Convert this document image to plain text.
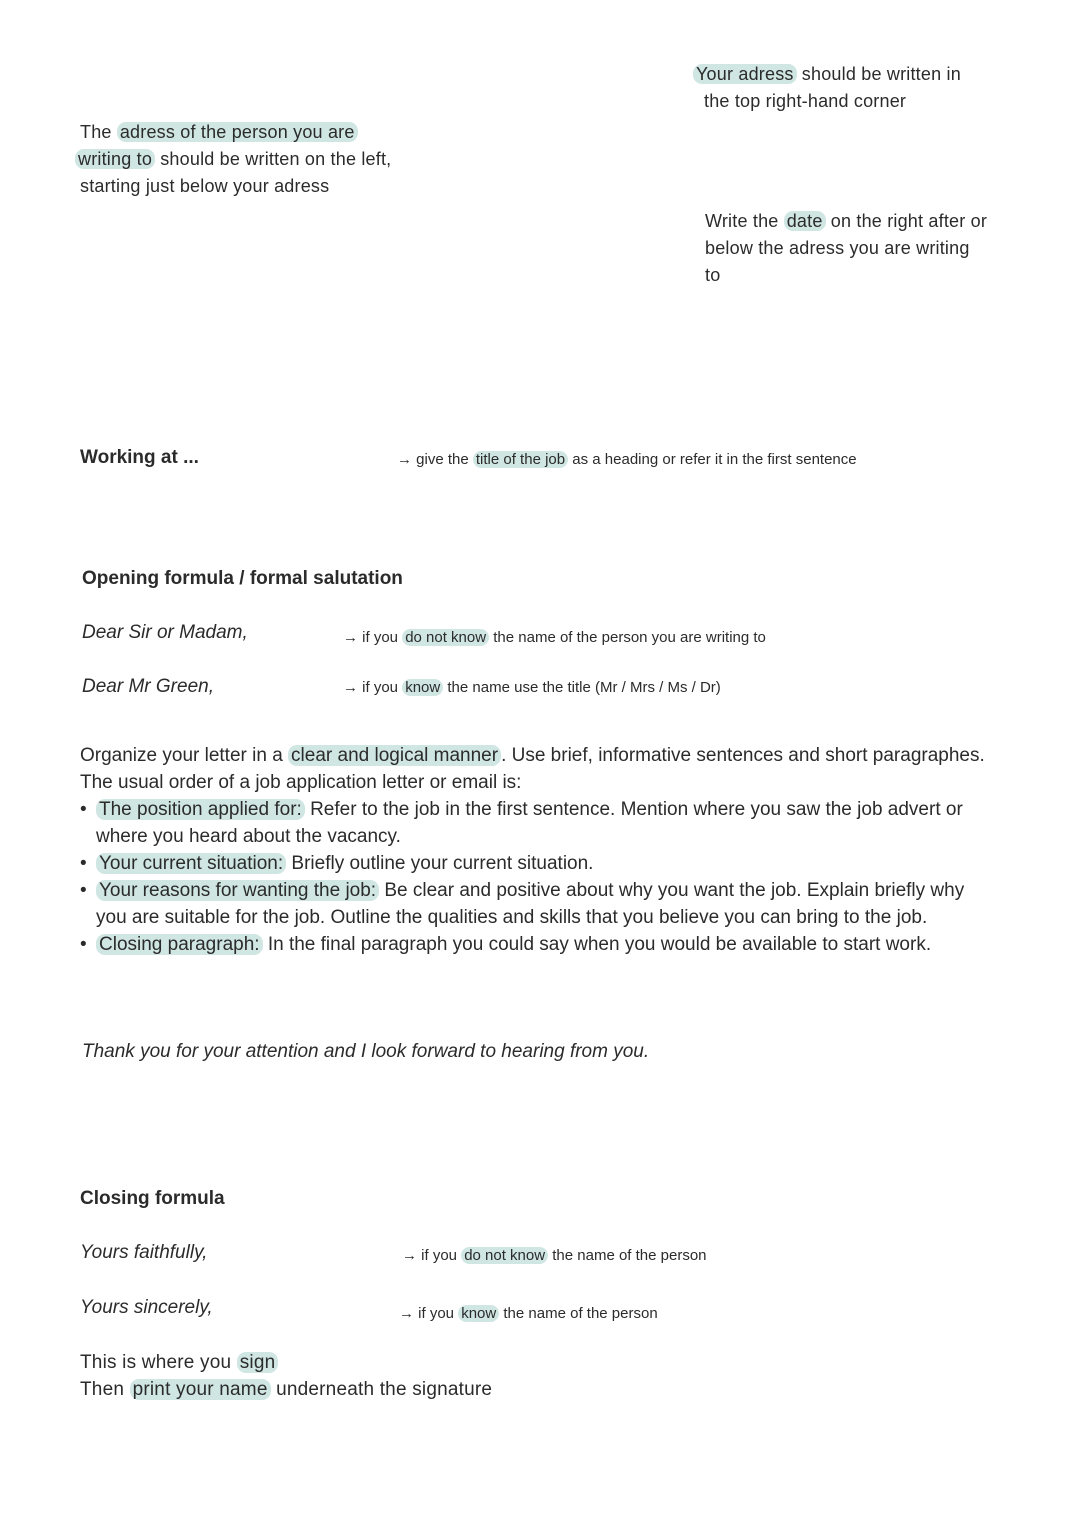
Your adress should be written in
the top right-hand corner
The adress of the person you are
writing to should be written on the left,
starting just below your adress
Write the date on the right after or
below the adress you are writing
to
Working at ...	→ give the title of the job as a heading or refer it in the first sentence
Opening formula / formal salutation
Dear Sir or Madam,	→ if you do not know the name of the person you are writing to
Dear Mr Green,	→ if you know the name use the title (Mr / Mrs / Ms / Dr)
Organize your letter in a clear and logical manner . Use brief, informative sentences and short paragraphes.
The usual order of a job application letter or email is:
• The position applied for: Refer to the job in the first sentence. Mention where you saw the job advert or where you heard about the vacancy.
• Your current situation: Briefly outline your current situation.
• Your reasons for wanting the job: Be clear and positive about why you want the job. Explain briefly why you are suitable for the job. Outline the qualities and skills that you believe you can bring to the job.
• Closing paragraph: In the final paragraph you could say when you would be available to start work.
Thank you for your attention and I look forward to hearing from you.
Closing formula
Yours faithfully,	→ if you do not know the name of the person
Yours sincerely,	→ if you know the name of the person
This is where you sign
Then print your name underneath the signature
